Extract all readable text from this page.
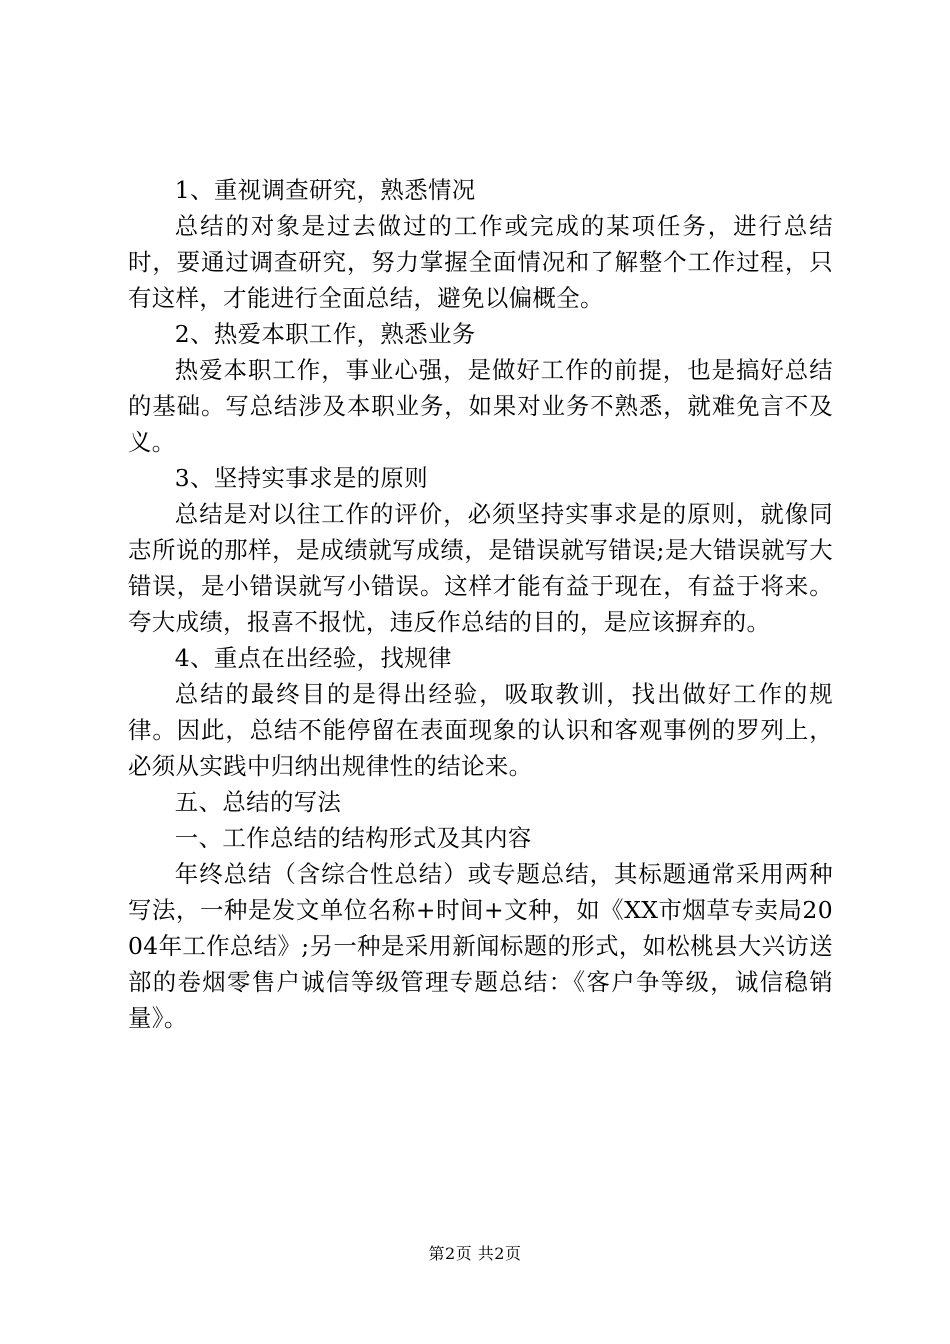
1、重视调查研究，熟悉情况

总结的对象是过去做过的工作或完成的某项任务，进行总结时，要通过调查研究，努力掌握全面情况和了解整个工作过程，只有这样，才能进行全面总结，避免以偏概全。

2、热爱本职工作，熟悉业务

热爱本职工作，事业心强，是做好工作的前提，也是搞好总结的基础。写总结涉及本职业务，如果对业务不熟悉，就难免言不及义。

3、坚持实事求是的原则

总结是对以往工作的评价，必须坚持实事求是的原则，就像同志所说的那样，是成绩就写成绩，是错误就写错误;是大错误就写大错误，是小错误就写小错误。这样才能有益于现在，有益于将来。夸大成绩，报喜不报忧，违反作总结的目的，是应该摒弃的。

4、重点在出经验，找规律

总结的最终目的是得出经验，吸取教训，找出做好工作的规律。因此，总结不能停留在表面现象的认识和客观事例的罗列上，必须从实践中归纳出规律性的结论来。

五、总结的写法

一、工作总结的结构形式及其内容

年终总结（含综合性总结）或专题总结，其标题通常采用两种写法，一种是发文单位名称+时间+文种，如《XX市烟草专卖局2004年工作总结》;另一种是采用新闻标题的形式，如松桃县大兴访送部的卷烟零售户诚信等级管理专题总结：《客户争等级，诚信稳销量》。

第2页 共2页
